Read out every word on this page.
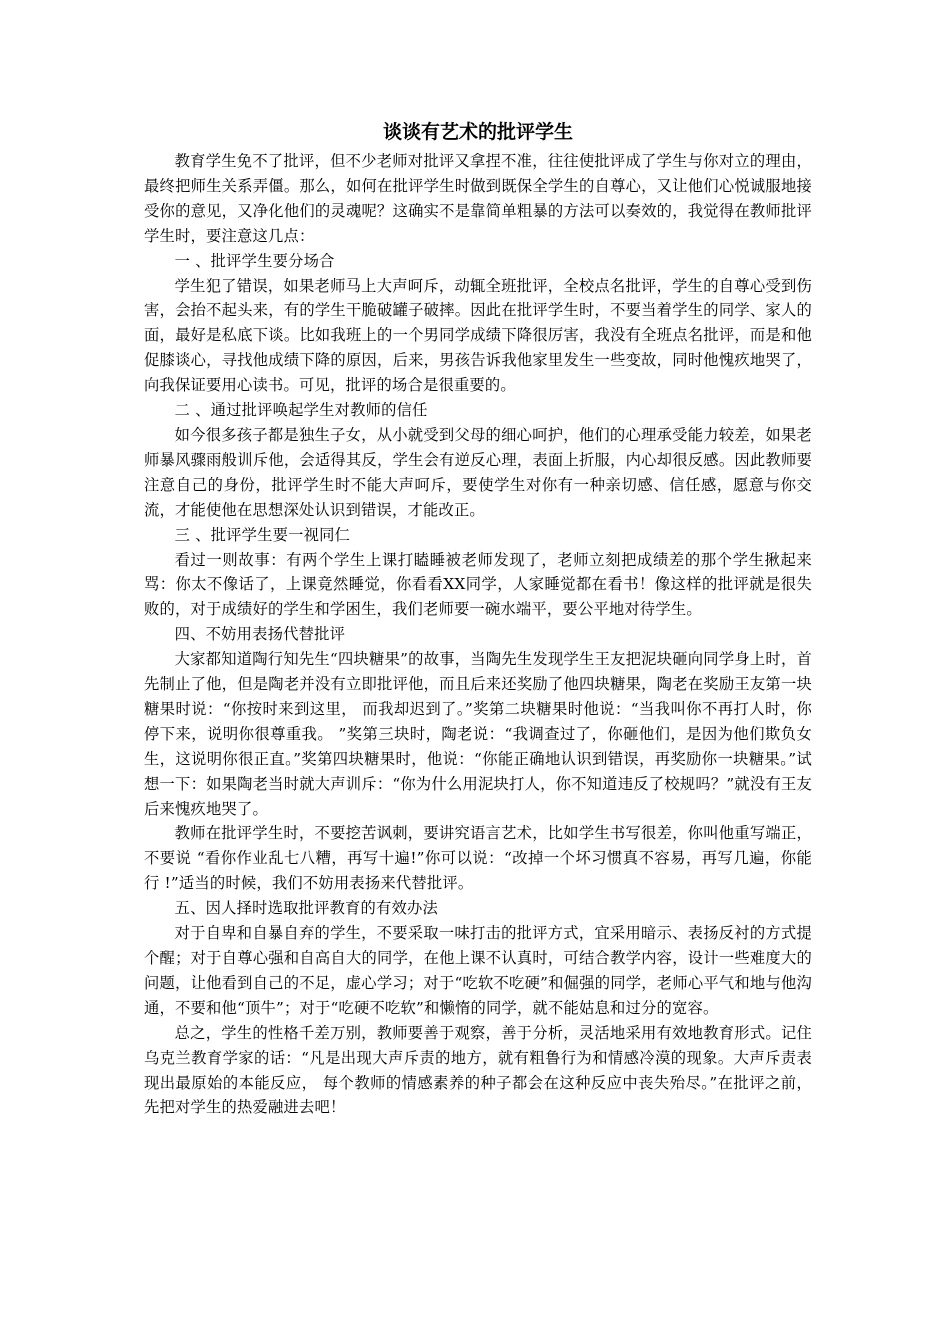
谈谈有艺术的批评学生

教育学生免不了批评，但不少老师对批评又拿捏不准，往往使批评成了学生与你对立的理由，最终把师生关系弄僵。那么，如何在批评学生时做到既保全学生的自尊心，又让他们心悦诚服地接受你的意见，又净化他们的灵魂呢？这确实不是靠简单粗暴的方法可以奏效的，我觉得在教师批评学生时，要注意这几点：

一 、批评学生要分场合

学生犯了错误，如果老师马上大声呵斥，动辄全班批评，全校点名批评，学生的自尊心受到伤害，会抬不起头来，有的学生干脆破罐子破摔。因此在批评学生时，不要当着学生的同学、家人的面，最好是私底下谈。比如我班上的一个男同学成绩下降很厉害，我没有全班点名批评，而是和他促膝谈心，寻找他成绩下降的原因，后来，男孩告诉我他家里发生一些变故，同时他愧疚地哭了，向我保证要用心读书。可见，批评的场合是很重要的。

二 、通过批评唤起学生对教师的信任

如今很多孩子都是独生子女，从小就受到父母的细心呵护，他们的心理承受能力较差，如果老师暴风骤雨般训斥他，会适得其反，学生会有逆反心理，表面上折服，内心却很反感。因此教师要注意自己的身份，批评学生时不能大声呵斥，要使学生对你有一种亲切感、信任感，愿意与你交流，才能使他在思想深处认识到错误，才能改正。

三 、批评学生要一视同仁

看过一则故事：有两个学生上课打瞌睡被老师发现了，老师立刻把成绩差的那个学生揪起来骂：你太不像话了，上课竟然睡觉，你看看XX同学，人家睡觉都在看书！像这样的批评就是很失败的，对于成绩好的学生和学困生，我们老师要一碗水端平，要公平地对待学生。

四、不妨用表扬代替批评

大家都知道陶行知先生“四块糖果”的故事，当陶先生发现学生王友把泥块砸向同学身上时，首先制止了他，但是陶老并没有立即批评他，而且后来还奖励了他四块糖果，陶老在奖励王友第一块糖果时说：“你按时来到这里， 而我却迟到了。”奖第二块糖果时他说：“当我叫你不再打人时，你停下来，说明你很尊重我。 ”奖第三块时，陶老说：“我调查过了，你砸他们，是因为他们欺负女生，这说明你很正直。”奖第四块糖果时，他说：“你能正确地认识到错误，再奖励你一块糖果。”试想一下：如果陶老当时就大声训斥：“你为什么用泥块打人，你不知道违反了校规吗？”就没有王友后来愧疚地哭了。

教师在批评学生时，不要挖苦讽刺，要讲究语言艺术，比如学生书写很差，你叫他重写端正，不要说 “看你作业乱七八糟，再写十遍!”你可以说：“改掉一个坏习惯真不容易，再写几遍，你能行 !”适当的时候，我们不妨用表扬来代替批评。

五、因人择时选取批评教育的有效办法

对于自卑和自暴自弃的学生，不要采取一味打击的批评方式，宜采用暗示、表扬反衬的方式提个醒；对于自尊心强和自高自大的同学，在他上课不认真时，可结合教学内容，设计一些难度大的问题，让他看到自己的不足，虚心学习；对于“吃软不吃硬”和倔强的同学，老师心平气和地与他沟通，不要和他“顶牛”；对于“吃硬不吃软”和懒惰的同学，就不能姑息和过分的宽容。

总之，学生的性格千差万别，教师要善于观察，善于分析，灵活地采用有效地教育形式。记住乌克兰教育学家的话：“凡是出现大声斥责的地方，就有粗鲁行为和情感冷漠的现象。大声斥责表现出最原始的本能反应， 每个教师的情感素养的种子都会在这种反应中丧失殆尽。”在批评之前，先把对学生的热爱融进去吧！
